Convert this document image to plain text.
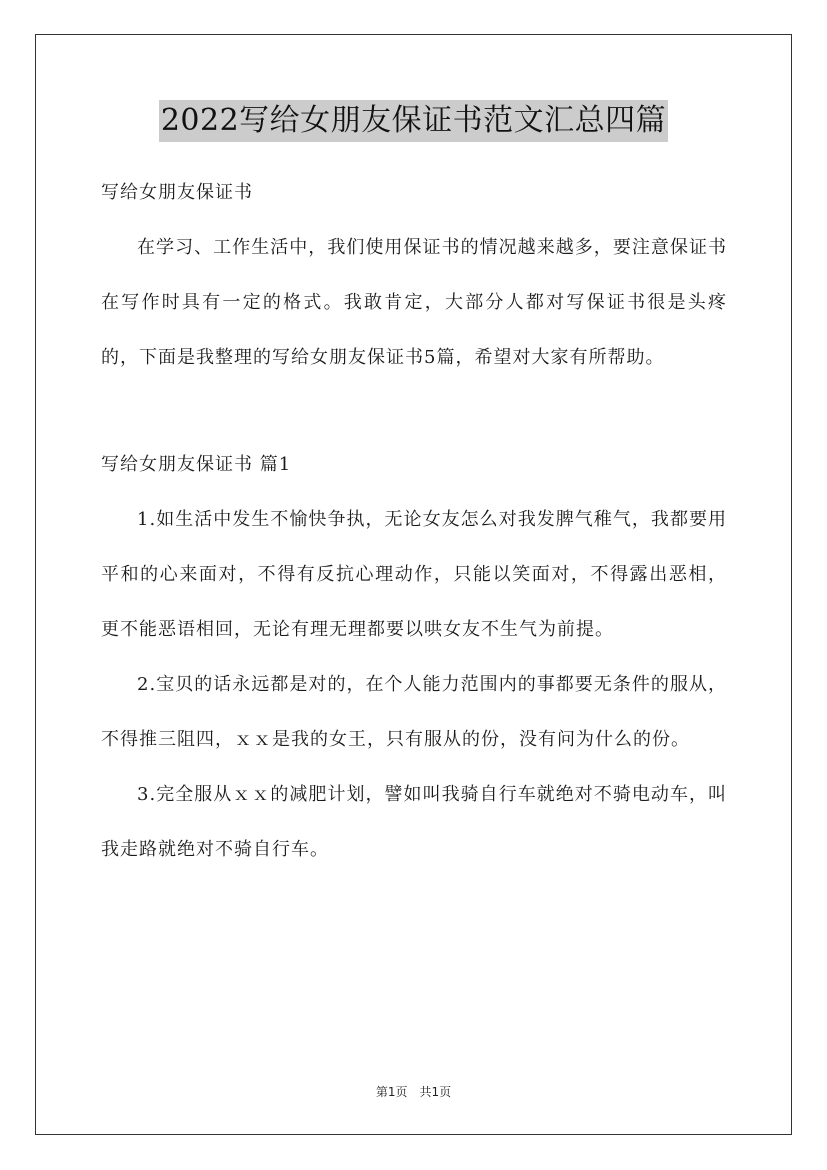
2022写给女朋友保证书范文汇总四篇

写给女朋友保证书

在学习、工作生活中，我们使用保证书的情况越来越多，要注意保证书在写作时具有一定的格式。我敢肯定，大部分人都对写保证书很是头疼的，下面是我整理的写给女朋友保证书5篇，希望对大家有所帮助。

写给女朋友保证书 篇1

1.如生活中发生不愉快争执，无论女友怎么对我发脾气稚气，我都要用平和的心来面对，不得有反抗心理动作，只能以笑面对，不得露出恶相，更不能恶语相回，无论有理无理都要以哄女友不生气为前提。

2.宝贝的话永远都是对的，在个人能力范围内的事都要无条件的服从，不得推三阻四，ｘｘ是我的女王，只有服从的份，没有问为什么的份。

3.完全服从ｘｘ的减肥计划，譬如叫我骑自行车就绝对不骑电动车，叫我走路就绝对不骑自行车。

第1页 共1页
